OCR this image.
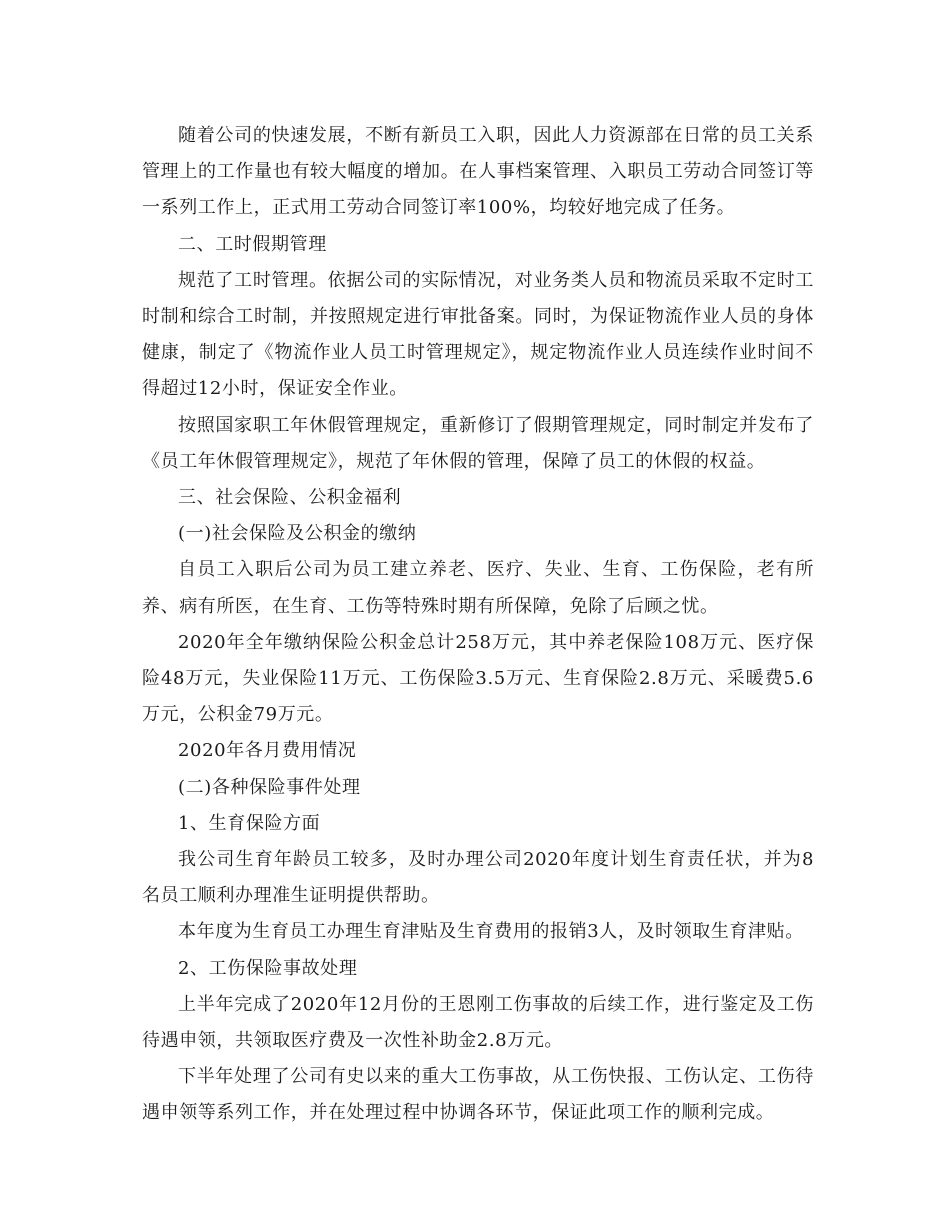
随着公司的快速发展，不断有新员工入职，因此人力资源部在日常的员工关系管理上的工作量也有较大幅度的增加。在人事档案管理、入职员工劳动合同签订等一系列工作上，正式用工劳动合同签订率100%，均较好地完成了任务。

二、工时假期管理

规范了工时管理。依据公司的实际情况，对业务类人员和物流员采取不定时工时制和综合工时制，并按照规定进行审批备案。同时，为保证物流作业人员的身体健康，制定了《物流作业人员工时管理规定》，规定物流作业人员连续作业时间不得超过12小时，保证安全作业。

按照国家职工年休假管理规定，重新修订了假期管理规定，同时制定并发布了《员工年休假管理规定》，规范了年休假的管理，保障了员工的休假的权益。

三、社会保险、公积金福利

(一)社会保险及公积金的缴纳

自员工入职后公司为员工建立养老、医疗、失业、生育、工伤保险，老有所养、病有所医，在生育、工伤等特殊时期有所保障，免除了后顾之忧。

2020年全年缴纳保险公积金总计258万元，其中养老保险108万元、医疗保险48万元，失业保险11万元、工伤保险3.5万元、生育保险2.8万元、采暖费5.6万元，公积金79万元。

2020年各月费用情况

(二)各种保险事件处理

1、生育保险方面

我公司生育年龄员工较多，及时办理公司2020年度计划生育责任状，并为8名员工顺利办理准生证明提供帮助。

本年度为生育员工办理生育津贴及生育费用的报销3人，及时领取生育津贴。

2、工伤保险事故处理

上半年完成了2020年12月份的王恩刚工伤事故的后续工作，进行鉴定及工伤待遇申领，共领取医疗费及一次性补助金2.8万元。

下半年处理了公司有史以来的重大工伤事故，从工伤快报、工伤认定、工伤待遇申领等系列工作，并在处理过程中协调各环节，保证此项工作的顺利完成。
